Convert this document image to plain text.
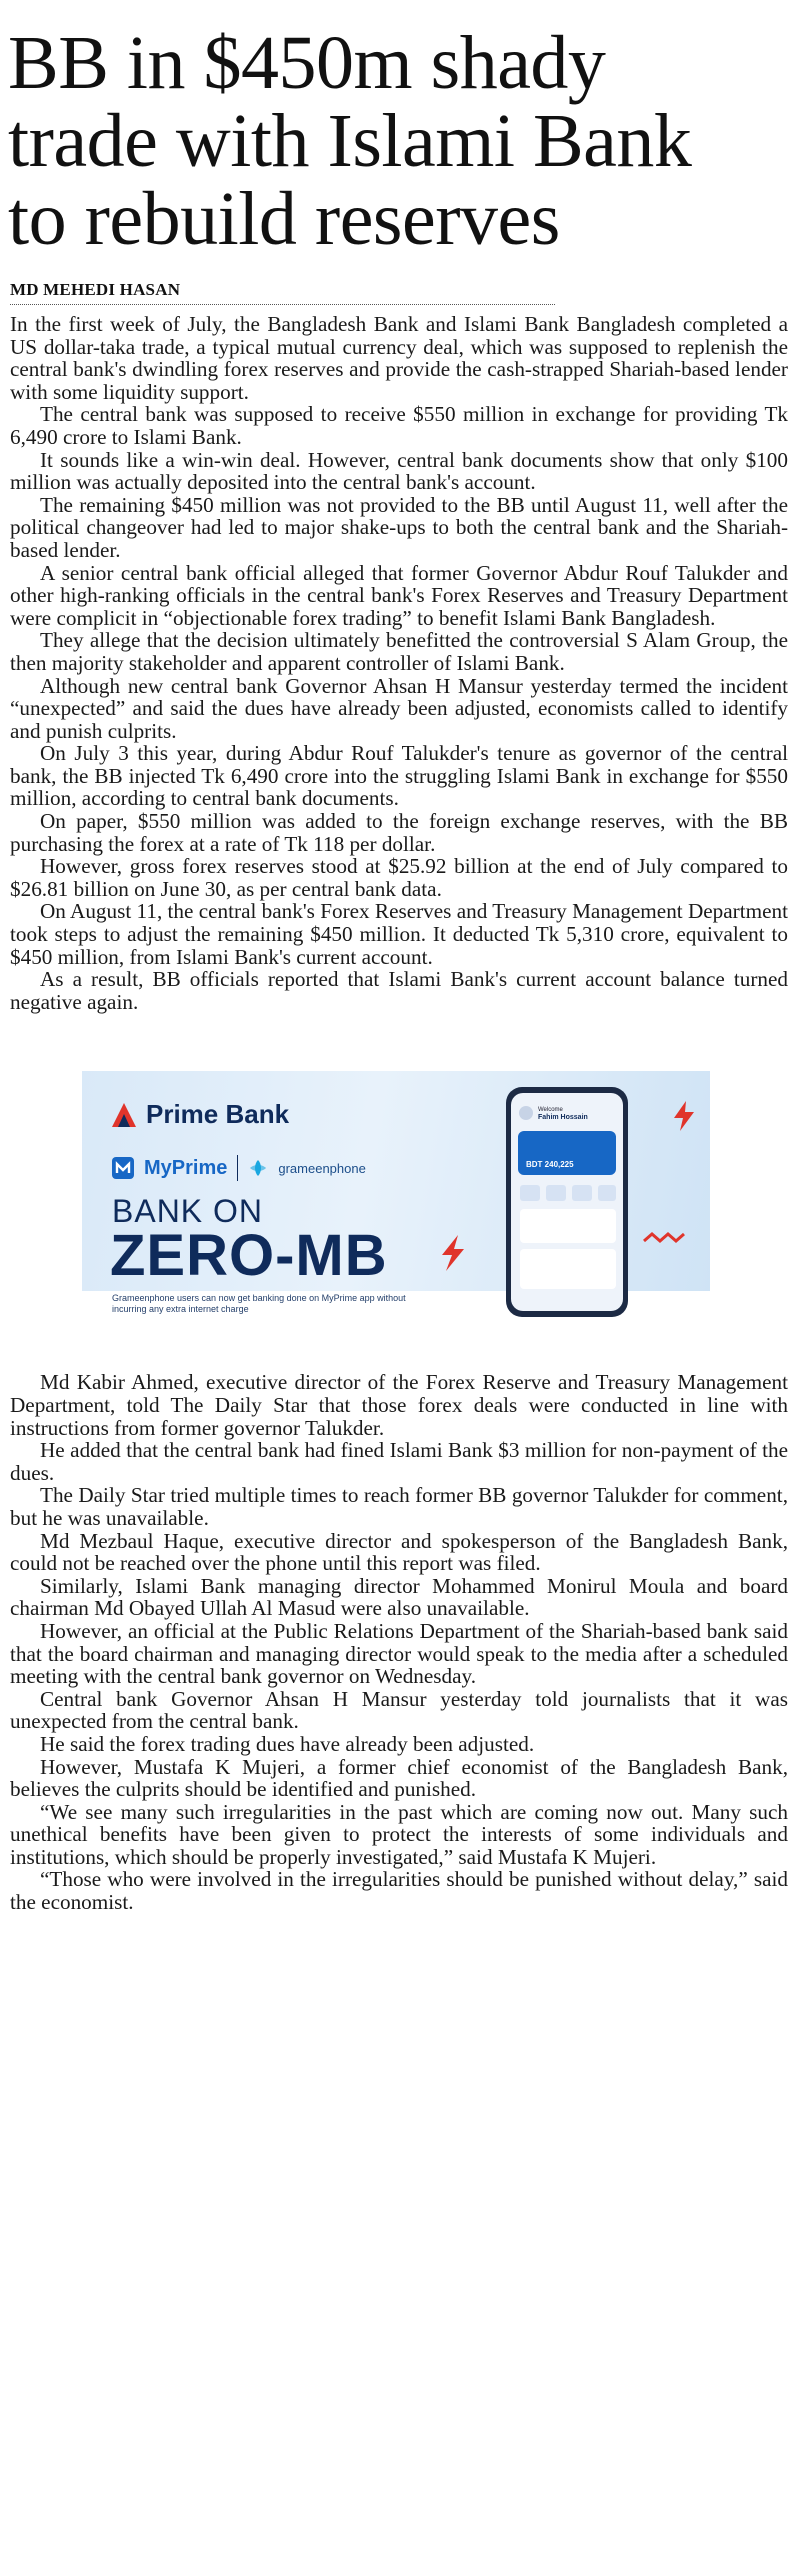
BB in $450m shady
trade with Islami Bank
to rebuild reserves
MD MEHEDI HASAN

In the first week of July, the Bangladesh Bank and Islami Bank Bangladesh completed a US dollar-taka trade, a typical mutual currency deal, which was supposed to replenish the central bank's dwindling forex reserves and provide the cash-strapped Shariah-based lender with some liquidity support.

The central bank was supposed to receive $550 million in exchange for providing Tk 6,490 crore to Islami Bank.

It sounds like a win-win deal. However, central bank documents show that only $100 million was actually deposited into the central bank's account.

The remaining $450 million was not provided to the BB until August 11, well after the political changeover had led to major shake-ups to both the central bank and the Shariah-based lender.

A senior central bank official alleged that former Governor Abdur Rouf Talukder and other high-ranking officials in the central bank's Forex Reserves and Treasury Department were complicit in “objectionable forex trading” to benefit Islami Bank Bangladesh.

They allege that the decision ultimately benefitted the controversial S Alam Group, the then majority stakeholder and apparent controller of Islami Bank.

Although new central bank Governor Ahsan H Mansur yesterday termed the incident “unexpected” and said the dues have already been adjusted, economists called to identify and punish culprits.

On July 3 this year, during Abdur Rouf Talukder's tenure as governor of the central bank, the BB injected Tk 6,490 crore into the struggling Islami Bank in exchange for $550 million, according to central bank documents.

On paper, $550 million was added to the foreign exchange reserves, with the BB purchasing the forex at a rate of Tk 118 per dollar.

However, gross forex reserves stood at $25.92 billion at the end of July compared to $26.81 billion on June 30, as per central bank data.

On August 11, the central bank's Forex Reserves and Treasury Management Department took steps to adjust the remaining $450 million. It deducted Tk 5,310 crore, equivalent to $450 million, from Islami Bank's current account.

As a result, BB officials reported that Islami Bank's current account balance turned negative again.

Prime Bank
MyPrime	grameenphone
BANK ON
ZERO-MB
Grameenphone users can now get banking done on MyPrime app without incurring any extra internet charge
Welcome
Fahim Hossain
BDT 240,225

Md Kabir Ahmed, executive director of the Forex Reserve and Treasury Management Department, told The Daily Star that those forex deals were conducted in line with instructions from former governor Talukder.

He added that the central bank had fined Islami Bank $3 million for non-payment of the dues.

The Daily Star tried multiple times to reach former BB governor Talukder for comment, but he was unavailable.

Md Mezbaul Haque, executive director and spokesperson of the Bangladesh Bank, could not be reached over the phone until this report was filed.

Similarly, Islami Bank managing director Mohammed Monirul Moula and board chairman Md Obayed Ullah Al Masud were also unavailable.

However, an official at the Public Relations Department of the Shariah-based bank said that the board chairman and managing director would speak to the media after a scheduled meeting with the central bank governor on Wednesday.

Central bank Governor Ahsan H Mansur yesterday told journalists that it was unexpected from the central bank.

He said the forex trading dues have already been adjusted.

However, Mustafa K Mujeri, a former chief economist of the Bangladesh Bank, believes the culprits should be identified and punished.

“We see many such irregularities in the past which are coming now out. Many such unethical benefits have been given to protect the interests of some individuals and institutions, which should be properly investigated,” said Mustafa K Mujeri.

“Those who were involved in the irregularities should be punished without delay,” said the economist.
